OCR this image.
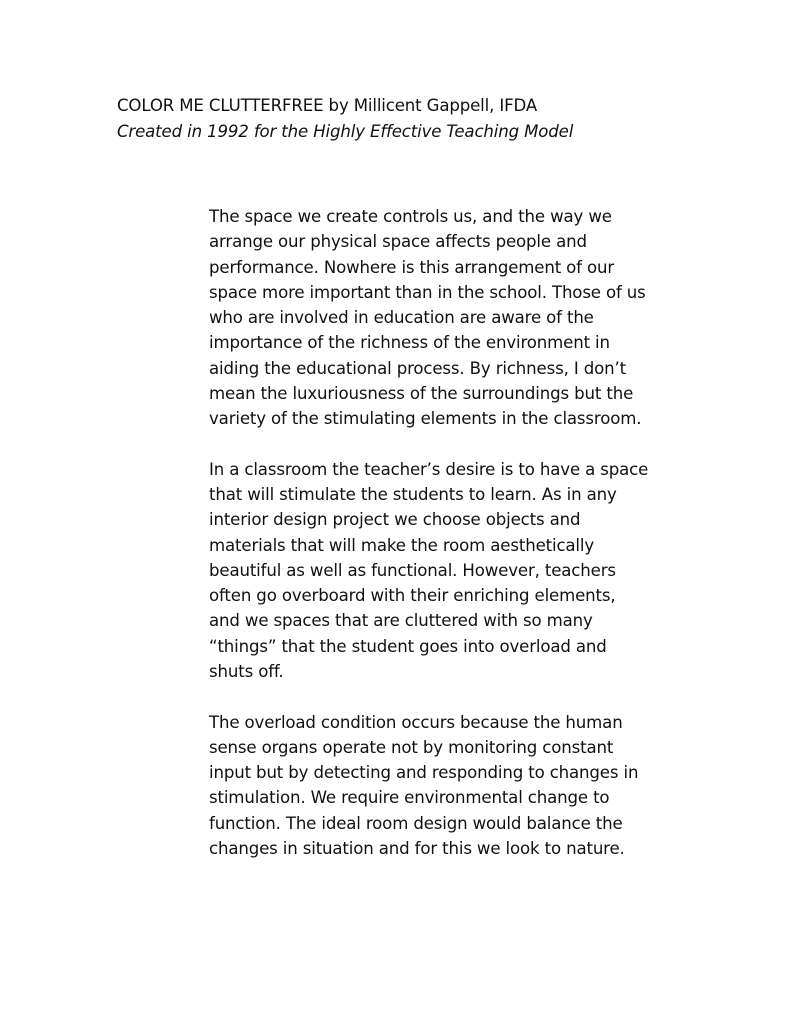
COLOR ME CLUTTERFREE by Millicent Gappell, IFDA
Created in 1992 for the Highly Effective Teaching Model
The space we create controls us, and the way we
arrange our physical space affects people and
performance. Nowhere is this arrangement of our
space more important than in the school. Those of us
who are involved in education are aware of the
importance of the richness of the environment in
aiding the educational process. By richness, I don’t
mean the luxuriousness of the surroundings but the
variety of the stimulating elements in the classroom.
In a classroom the teacher’s desire is to have a space
that will stimulate the students to learn. As in any
interior design project we choose objects and
materials that will make the room aesthetically
beautiful as well as functional. However, teachers
often go overboard with their enriching elements,
and we spaces that are cluttered with so many
“things” that the student goes into overload and
shuts off.
The overload condition occurs because the human
sense organs operate not by monitoring constant
input but by detecting and responding to changes in
stimulation. We require environmental change to
function. The ideal room design would balance the
changes in situation and for this we look to nature.
